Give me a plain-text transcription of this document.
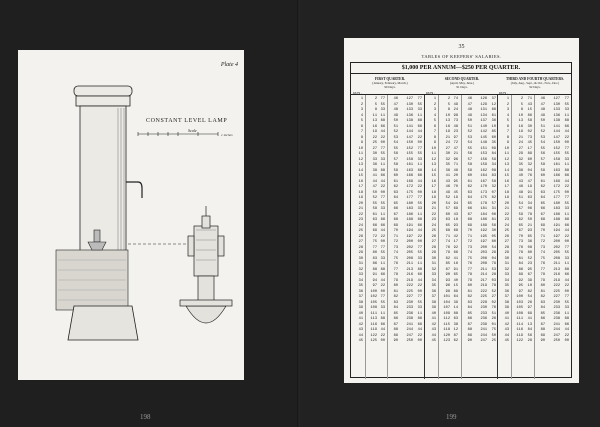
Plate 4
CONSTANT LEVEL LAMP
Scale
1 inches
198	199
35
TABLES OF KEEPERS' SALARIES.
$1,000 PER ANNUM—$250 PER QUARTER.
FIRST QUARTER.
(January, February, March.)
90 Days.
SECOND QUARTER.
(April, May, June.)
91 Days.
THIRD AND FOURTH QUARTERS.
(July, Aug., Sept., & Oct., Nov., Dec.)
92 Days.
DAYS.
1
2
3
4
5
6
7
8
9
10
11
12
13
14
15
16
17
18
19
20
21
22
23
24
25
26
27
28
29
30
31
32
33
34
35
36
37
38
39
40
41
42
43
44
45
2
5
8
11
13
16
19
22
25
27
30
33
36
38
41
44
47
50
52
55
58
61
63
66
69
72
75
77
80
83
86
88
91
94
97
100
102
105
108
111
113
116
119
122
125
77
55
33
11
88
66
44
22
00
77
55
33
11
88
66
44
22
00
77
55
33
11
88
66
44
22
00
77
55
33
11
88
66
44
22
00
77
55
33
11
88
66
44
22
00
46
47
48
49
50
51
52
53
54
55
56
57
58
59
60
61
62
63
64
65
66
67
68
69
70
71
72
73
74
75
76
77
78
79
80
81
82
83
84
85
86
87
88
89
90
127
130
133
136
138
141
144
147
150
152
155
158
161
163
166
169
172
175
177
180
183
186
188
191
194
197
200
202
205
208
211
213
216
219
222
225
227
230
233
236
238
241
244
247
250
77
55
33
11
88
66
44
22
00
77
55
33
11
88
66
44
22
00
77
55
33
11
88
66
44
22
00
77
55
33
11
88
66
44
22
00
77
55
33
11
88
66
44
22
00
DAYS.
1
2
3
4
5
6
7
8
9
10
11
12
13
14
15
16
17
18
19
20
21
22
23
24
25
26
27
28
29
30
31
32
33
34
35
36
37
38
39
40
41
42
43
44
45
2
5
8
10
13
16
19
21
24
27
30
32
35
38
41
43
46
49
52
54
57
60
63
65
68
71
74
76
79
82
85
87
90
93
96
98
101
104
107
109
112
115
118
120
123
74
49
24
98
73
48
23
97
72
47
21
96
71
46
20
95
70
45
19
94
69
43
18
93
68
42
17
92
66
41
16
91
65
40
15
89
64
39
14
88
63
38
12
87
62
46
47
48
49
50
51
52
53
54
55
56
57
58
59
60
61
62
63
64
65
66
67
68
69
70
71
72
73
74
75
76
77
78
79
80
81
82
83
84
85
86
87
88
89
90
126
129
131
134
137
140
142
145
148
151
153
156
159
162
164
167
170
173
175
178
181
184
186
189
192
195
197
200
203
206
208
211
214
217
219
222
225
228
230
233
236
239
241
244
247
37
12
86
61
36
10
85
60
35
09
84
59
34
08
83
58
32
07
82
57
31
06
81
56
30
05
80
54
29
04
79
53
28
03
78
52
27
02
76
51
26
01
75
50
25
DAYS.
1
2
3
4
5
6
7
8
9
10
11
12
13
14
15
16
17
18
19
20
21
22
23
24
25
26
27
28
29
30
31
32
33
34
35
36
37
38
39
40
41
42
43
44
45
2
5
8
10
13
16
19
21
24
27
29
32
35
38
40
43
46
48
51
54
57
59
62
65
67
70
73
76
78
81
84
86
89
92
95
97
100
103
105
108
111
114
116
119
122
71
43
15
86
58
30
02
73
45
17
89
60
32
04
76
47
19
91
63
34
06
78
50
21
93
65
36
08
80
52
23
95
67
39
10
82
54
26
97
69
41
13
84
56
28
46
47
48
49
50
51
52
53
54
55
56
57
58
59
60
61
62
63
64
65
66
67
68
69
70
71
72
73
74
75
76
77
78
79
80
81
82
83
84
85
86
87
88
89
90
127
130
133
136
138
141
144
147
150
152
155
158
161
163
166
169
172
175
177
180
183
186
188
191
194
197
200
202
205
208
211
213
216
219
222
225
227
230
233
236
238
241
244
247
250
77
55
33
11
88
66
44
22
00
77
55
33
11
88
66
44
22
00
77
55
33
11
88
66
44
22
00
77
55
33
11
88
66
44
22
00
77
55
33
11
88
66
44
22
00
